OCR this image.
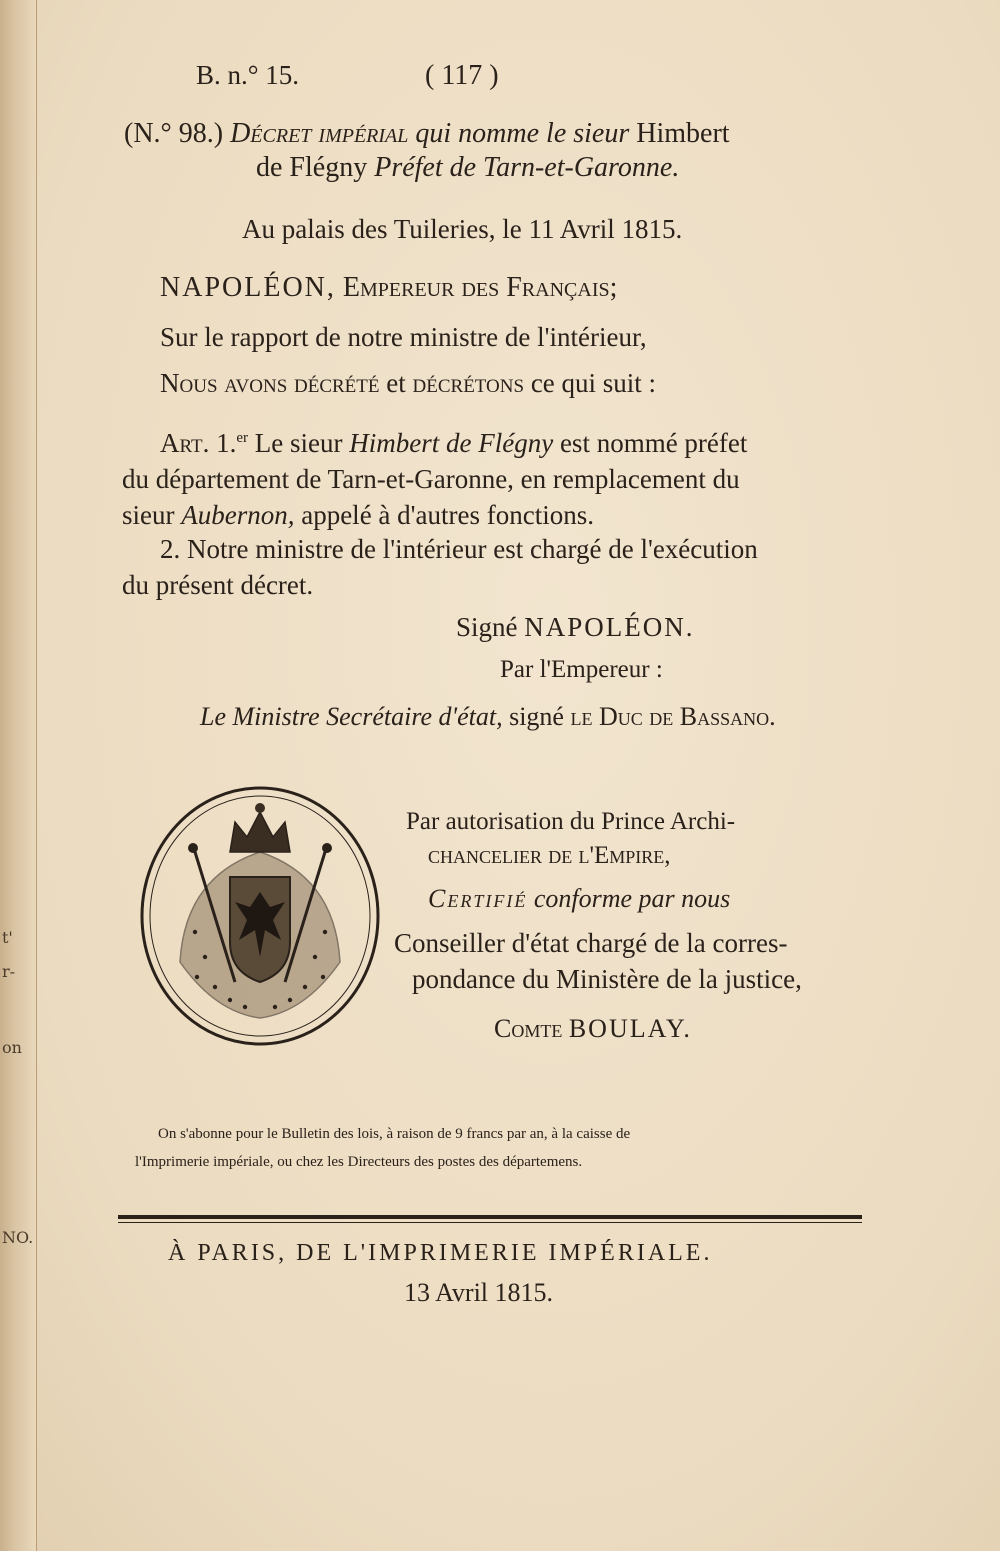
t'
r-
on
NO.
B. n.° 15.	( 117 )
(N.° 98.) Décret impérial qui nomme le sieur Himbert
de Flégny Préfet de Tarn-et-Garonne.
Au palais des Tuileries, le 11 Avril 1815.
NAPOLÉON, Empereur des Français;
Sur le rapport de notre ministre de l'intérieur,
Nous avons décrété et décrétons ce qui suit :
Art. 1.$^{er}$ Le sieur Himbert de Flégny est nommé préfet
du département de Tarn-et-Garonne, en remplacement du
sieur Aubernon, appelé à d'autres fonctions.
2. Notre ministre de l'intérieur est chargé de l'exécution
du présent décret.
Signé NAPOLÉON.
Par l'Empereur :
Le Ministre Secrétaire d'état, signé le Duc de Bassano.
Par autorisation du Prince Archi-
chancelier de l'Empire,
Certifié conforme par nous
Conseiller d'état chargé de la corres-
pondance du Ministère de la justice,
Comte BOULAY.
On s'abonne pour le Bulletin des lois, à raison de 9 francs par an, à la caisse de
l'Imprimerie impériale, ou chez les Directeurs des postes des départemens.
À PARIS, DE L'IMPRIMERIE IMPÉRIALE.
13 Avril 1815.
